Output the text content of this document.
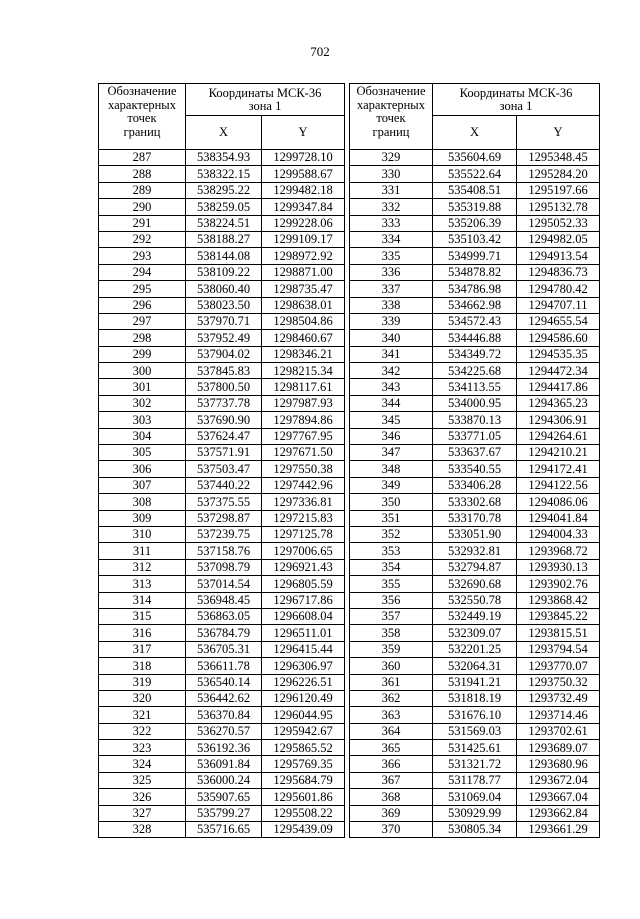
702
Обозначение
характерных
точек
границ	Координаты МСК-36
зона 1	
	X	Y
287	538354.93	1299728.10
288	538322.15	1299588.67
289	538295.22	1299482.18
290	538259.05	1299347.84
291	538224.51	1299228.06
292	538188.27	1299109.17
293	538144.08	1298972.92
294	538109.22	1298871.00
295	538060.40	1298735.47
296	538023.50	1298638.01
297	537970.71	1298504.86
298	537952.49	1298460.67
299	537904.02	1298346.21
300	537845.83	1298215.34
301	537800.50	1298117.61
302	537737.78	1297987.93
303	537690.90	1297894.86
304	537624.47	1297767.95
305	537571.91	1297671.50
306	537503.47	1297550.38
307	537440.22	1297442.96
308	537375.55	1297336.81
309	537298.87	1297215.83
310	537239.75	1297125.78
311	537158.76	1297006.65
312	537098.79	1296921.43
313	537014.54	1296805.59
314	536948.45	1296717.86
315	536863.05	1296608.04
316	536784.79	1296511.01
317	536705.31	1296415.44
318	536611.78	1296306.97
319	536540.14	1296226.51
320	536442.62	1296120.49
321	536370.84	1296044.95
322	536270.57	1295942.67
323	536192.36	1295865.52
324	536091.84	1295769.35
325	536000.24	1295684.79
326	535907.65	1295601.86
327	535799.27	1295508.22
328	535716.65	1295439.09
Обозначение
характерных
точек
границ	Координаты МСК-36
зона 1	
	X	Y
329	535604.69	1295348.45
330	535522.64	1295284.20
331	535408.51	1295197.66
332	535319.88	1295132.78
333	535206.39	1295052.33
334	535103.42	1294982.05
335	534999.71	1294913.54
336	534878.82	1294836.73
337	534786.98	1294780.42
338	534662.98	1294707.11
339	534572.43	1294655.54
340	534446.88	1294586.60
341	534349.72	1294535.35
342	534225.68	1294472.34
343	534113.55	1294417.86
344	534000.95	1294365.23
345	533870.13	1294306.91
346	533771.05	1294264.61
347	533637.67	1294210.21
348	533540.55	1294172.41
349	533406.28	1294122.56
350	533302.68	1294086.06
351	533170.78	1294041.84
352	533051.90	1294004.33
353	532932.81	1293968.72
354	532794.87	1293930.13
355	532690.68	1293902.76
356	532550.78	1293868.42
357	532449.19	1293845.22
358	532309.07	1293815.51
359	532201.25	1293794.54
360	532064.31	1293770.07
361	531941.21	1293750.32
362	531818.19	1293732.49
363	531676.10	1293714.46
364	531569.03	1293702.61
365	531425.61	1293689.07
366	531321.72	1293680.96
367	531178.77	1293672.04
368	531069.04	1293667.04
369	530929.99	1293662.84
370	530805.34	1293661.29
